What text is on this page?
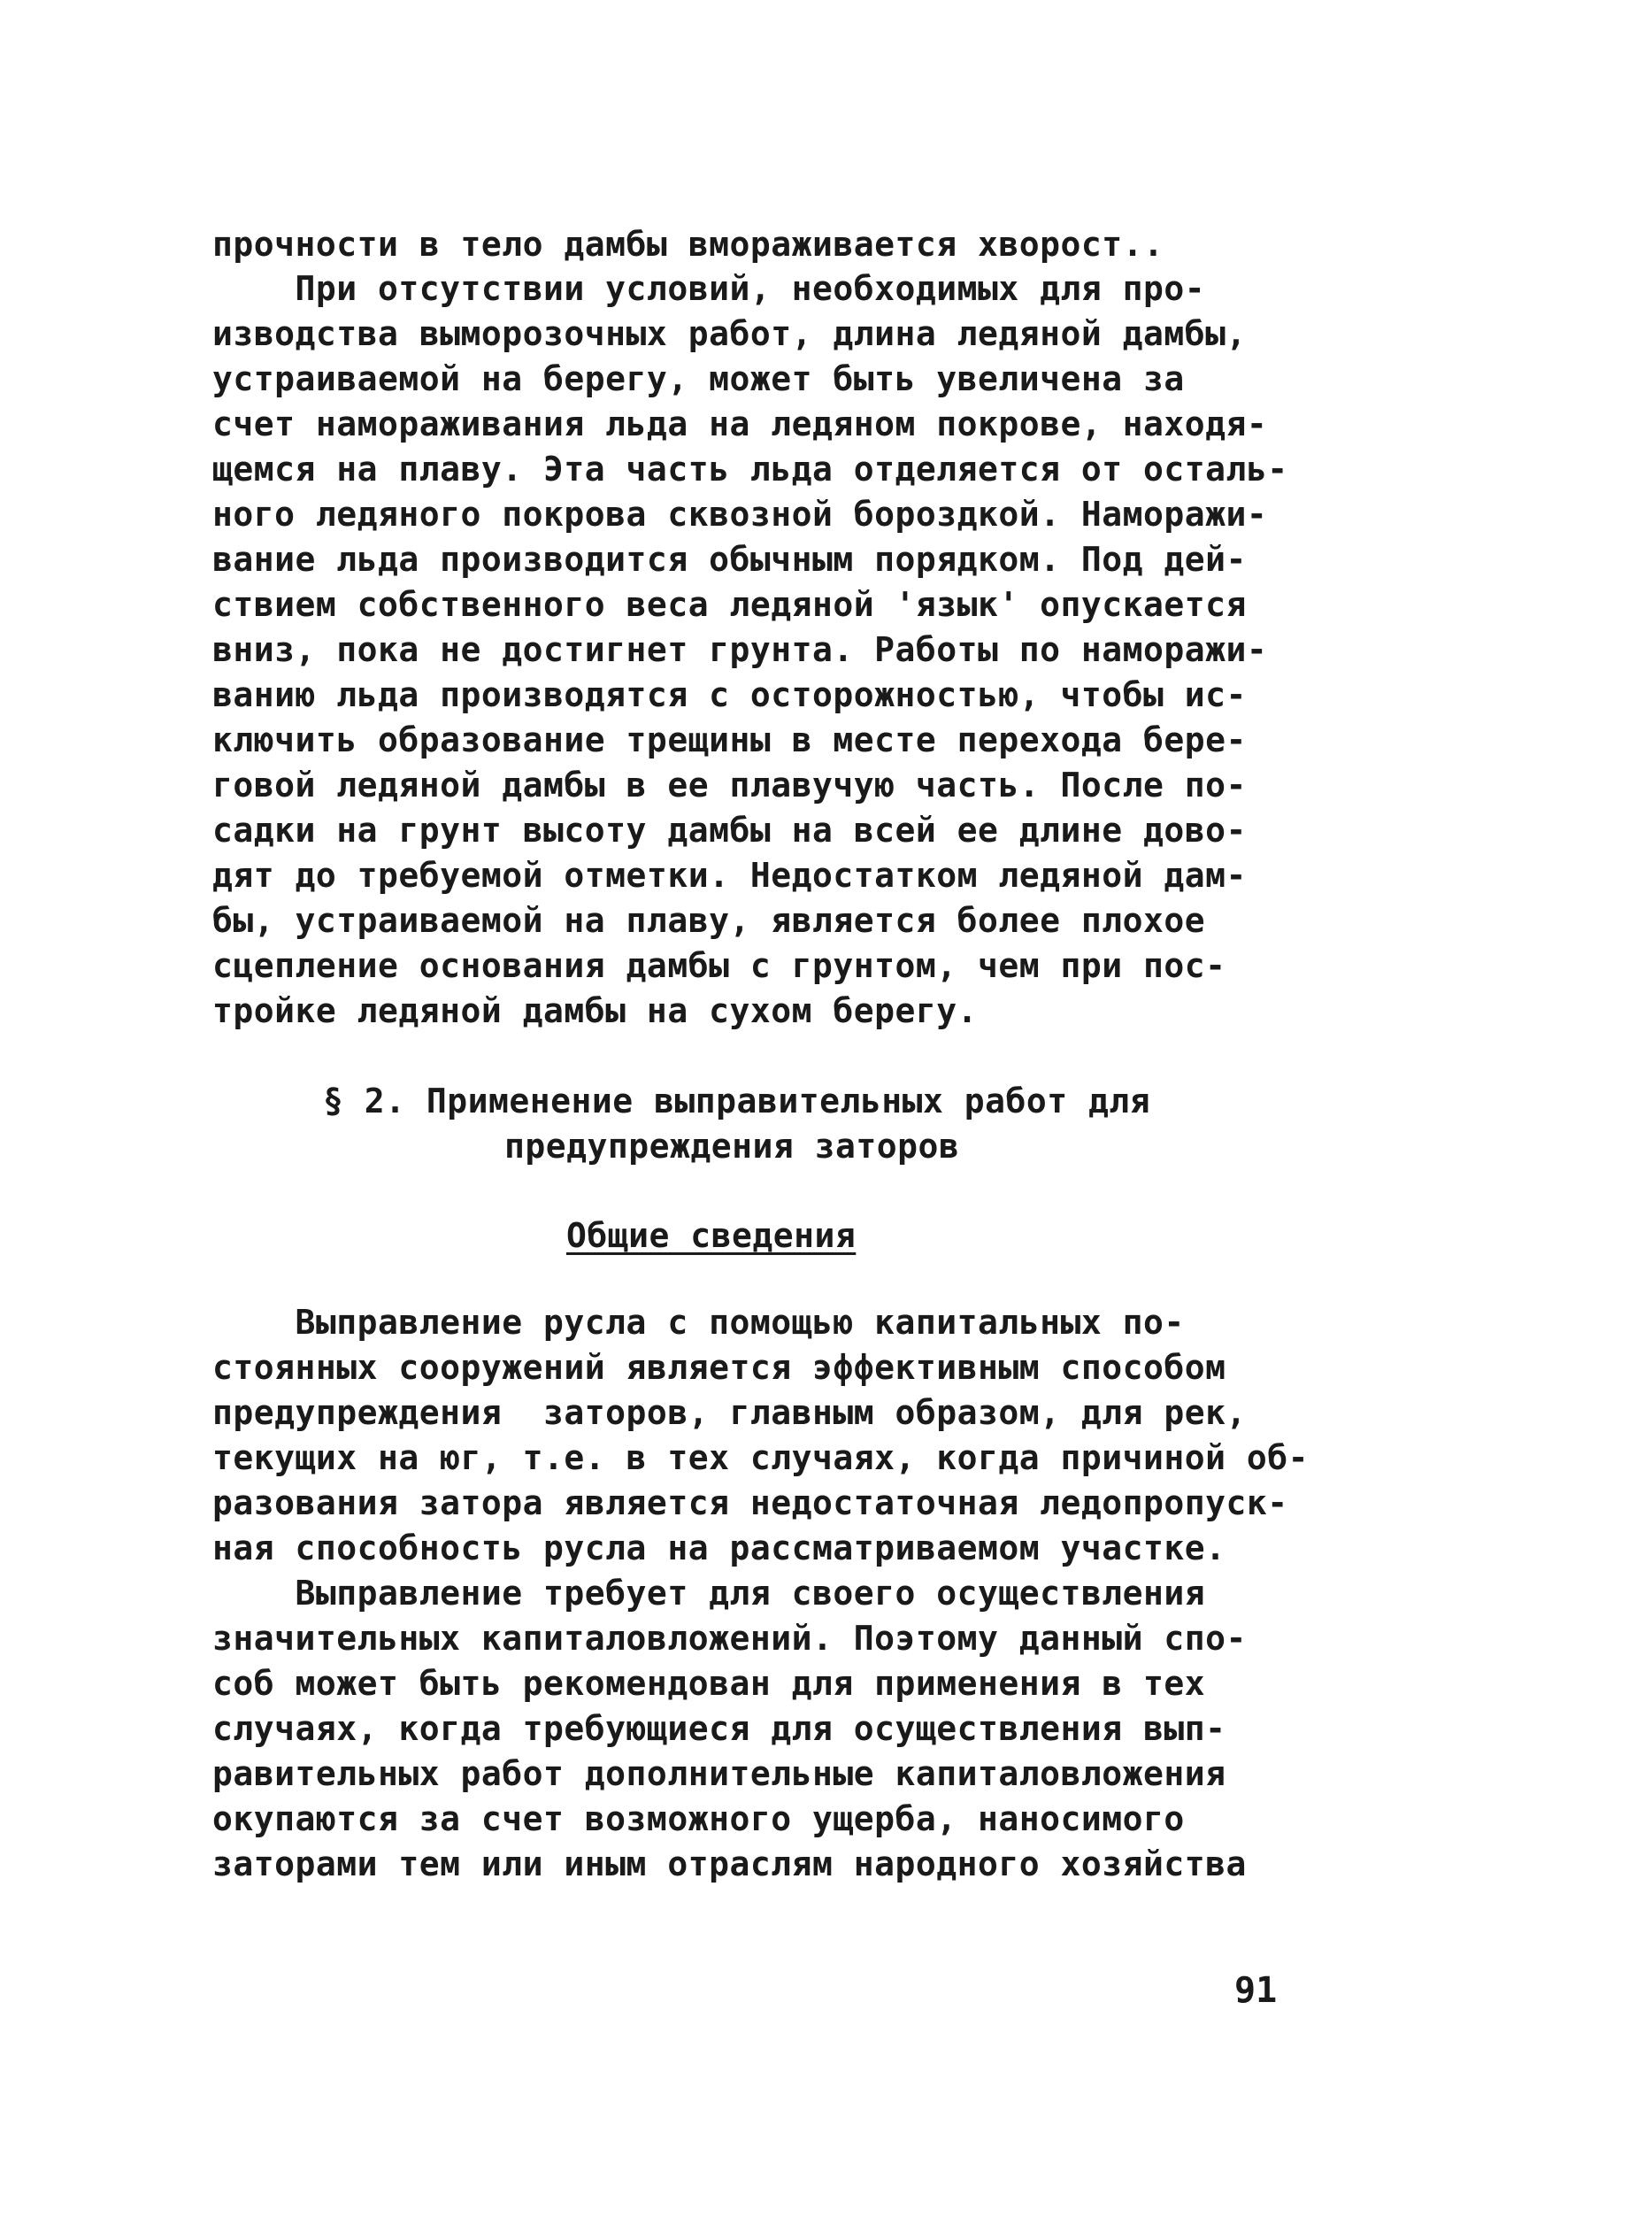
прочности в тело дамбы вмораживается хворост..
При отсутствии условий, необходимых для про-
изводства выморозочных работ, длина ледяной дамбы,
устраиваемой на берегу, может быть увеличена за
счет намораживания льда на ледяном покрове, находя-
щемся на плаву. Эта часть льда отделяется от осталь-
ного ледяного покрова сквозной бороздкой. Наморажи-
вание льда производится обычным порядком. Под дей-
ствием собственного веса ледяной 'язык' опускается
вниз, пока не достигнет грунта. Работы по наморажи-
ванию льда производятся с осторожностью, чтобы ис-
ключить образование трещины в месте перехода бере-
говой ледяной дамбы в ее плавучую часть. После по-
садки на грунт высоту дамбы на всей ее длине дово-
дят до требуемой отметки. Недостатком ледяной дам-
бы, устраиваемой на плаву, является более плохое
сцепление основания дамбы с грунтом, чем при пос-
тройке ледяной дамбы на сухом берегу.
§ 2. Применение выправительных работ для
предупреждения заторов
Общие сведения
Выправление русла с помощью капитальных по-
стоянных сооружений является эффективным способом
предупреждения  заторов, главным образом, для рек,
текущих на юг, т.е. в тех случаях, когда причиной об-
разования затора является недостаточная ледопропуск-
ная способность русла на рассматриваемом участке.
Выправление требует для своего осуществления
значительных капиталовложений. Поэтому данный спо-
соб может быть рекомендован для применения в тех
случаях, когда требующиеся для осуществления вып-
равительных работ дополнительные капиталовложения
окупаются за счет возможного ущерба, наносимого
заторами тем или иным отраслям народного хозяйства
91
